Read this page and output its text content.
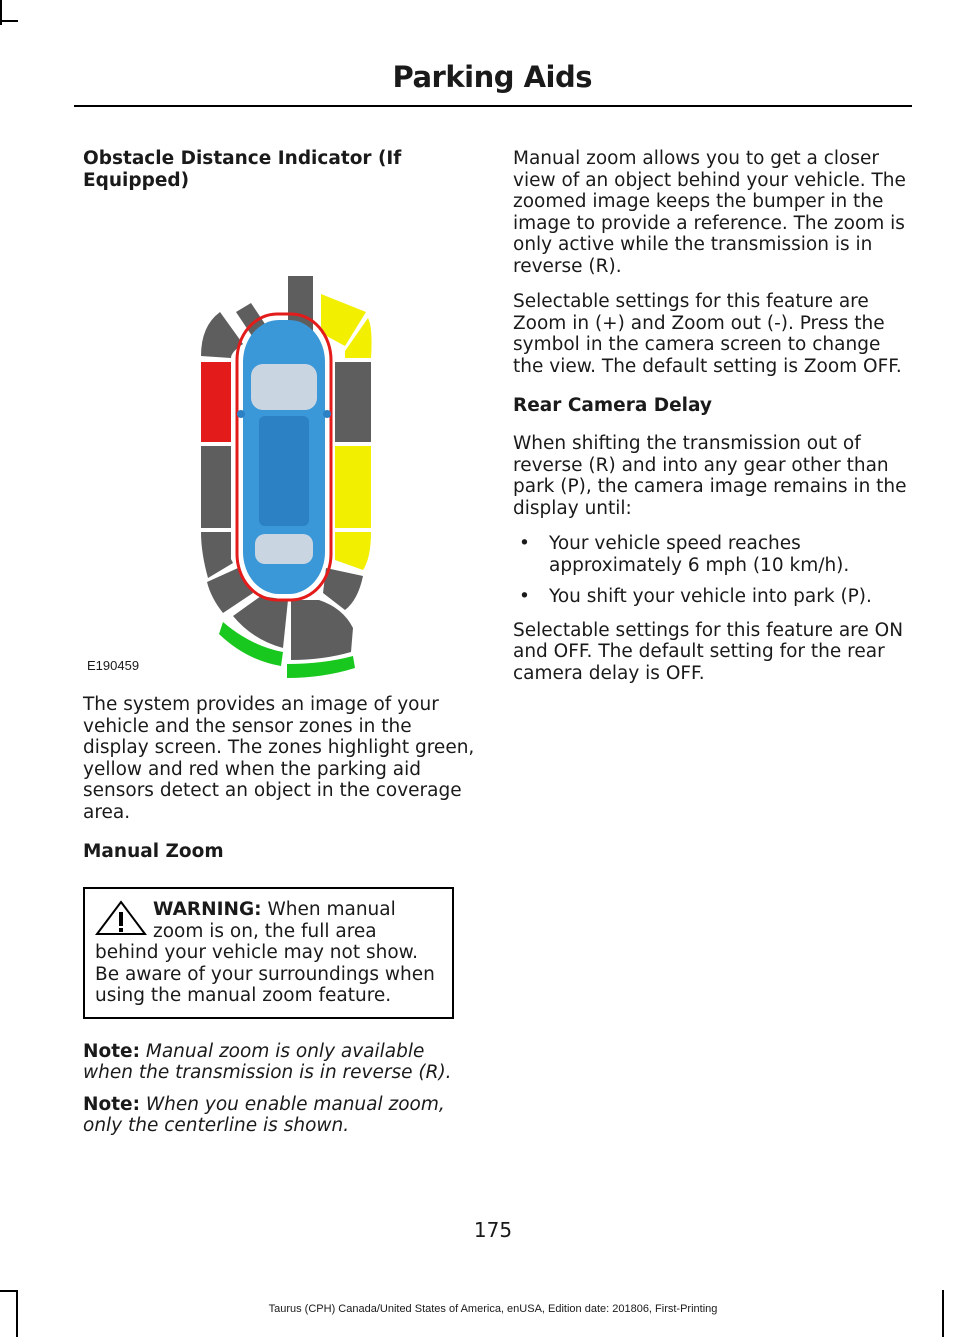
Parking Aids
Obstacle Distance Indicator (If Equipped)
E190459

The system provides an image of your vehicle and the sensor zones in the display screen. The zones highlight green, yellow and red when the parking aid sensors detect an object in the coverage area.

Manual Zoom
WARNING: When manual zoom is on, the full area behind your vehicle may not show. Be aware of your surroundings when using the manual zoom feature.

Note: Manual zoom is only available when the transmission is in reverse (R).

Note: When you enable manual zoom, only the centerline is shown.

Manual zoom allows you to get a closer view of an object behind your vehicle. The zoomed image keeps the bumper in the image to provide a reference. The zoom is only active while the transmission is in reverse (R).

Selectable settings for this feature are Zoom in (+) and Zoom out (-). Press the symbol in the camera screen to change the view. The default setting is Zoom OFF.

Rear Camera Delay

When shifting the transmission out of reverse (R) and into any gear other than park (P), the camera image remains in the display until:

• Your vehicle speed reaches approximately 6 mph (10 km/h).
• You shift your vehicle into park (P).

Selectable settings for this feature are ON and OFF. The default setting for the rear camera delay is OFF.

175
Taurus (CPH) Canada/United States of America, enUSA, Edition date: 201806, First-Printing
